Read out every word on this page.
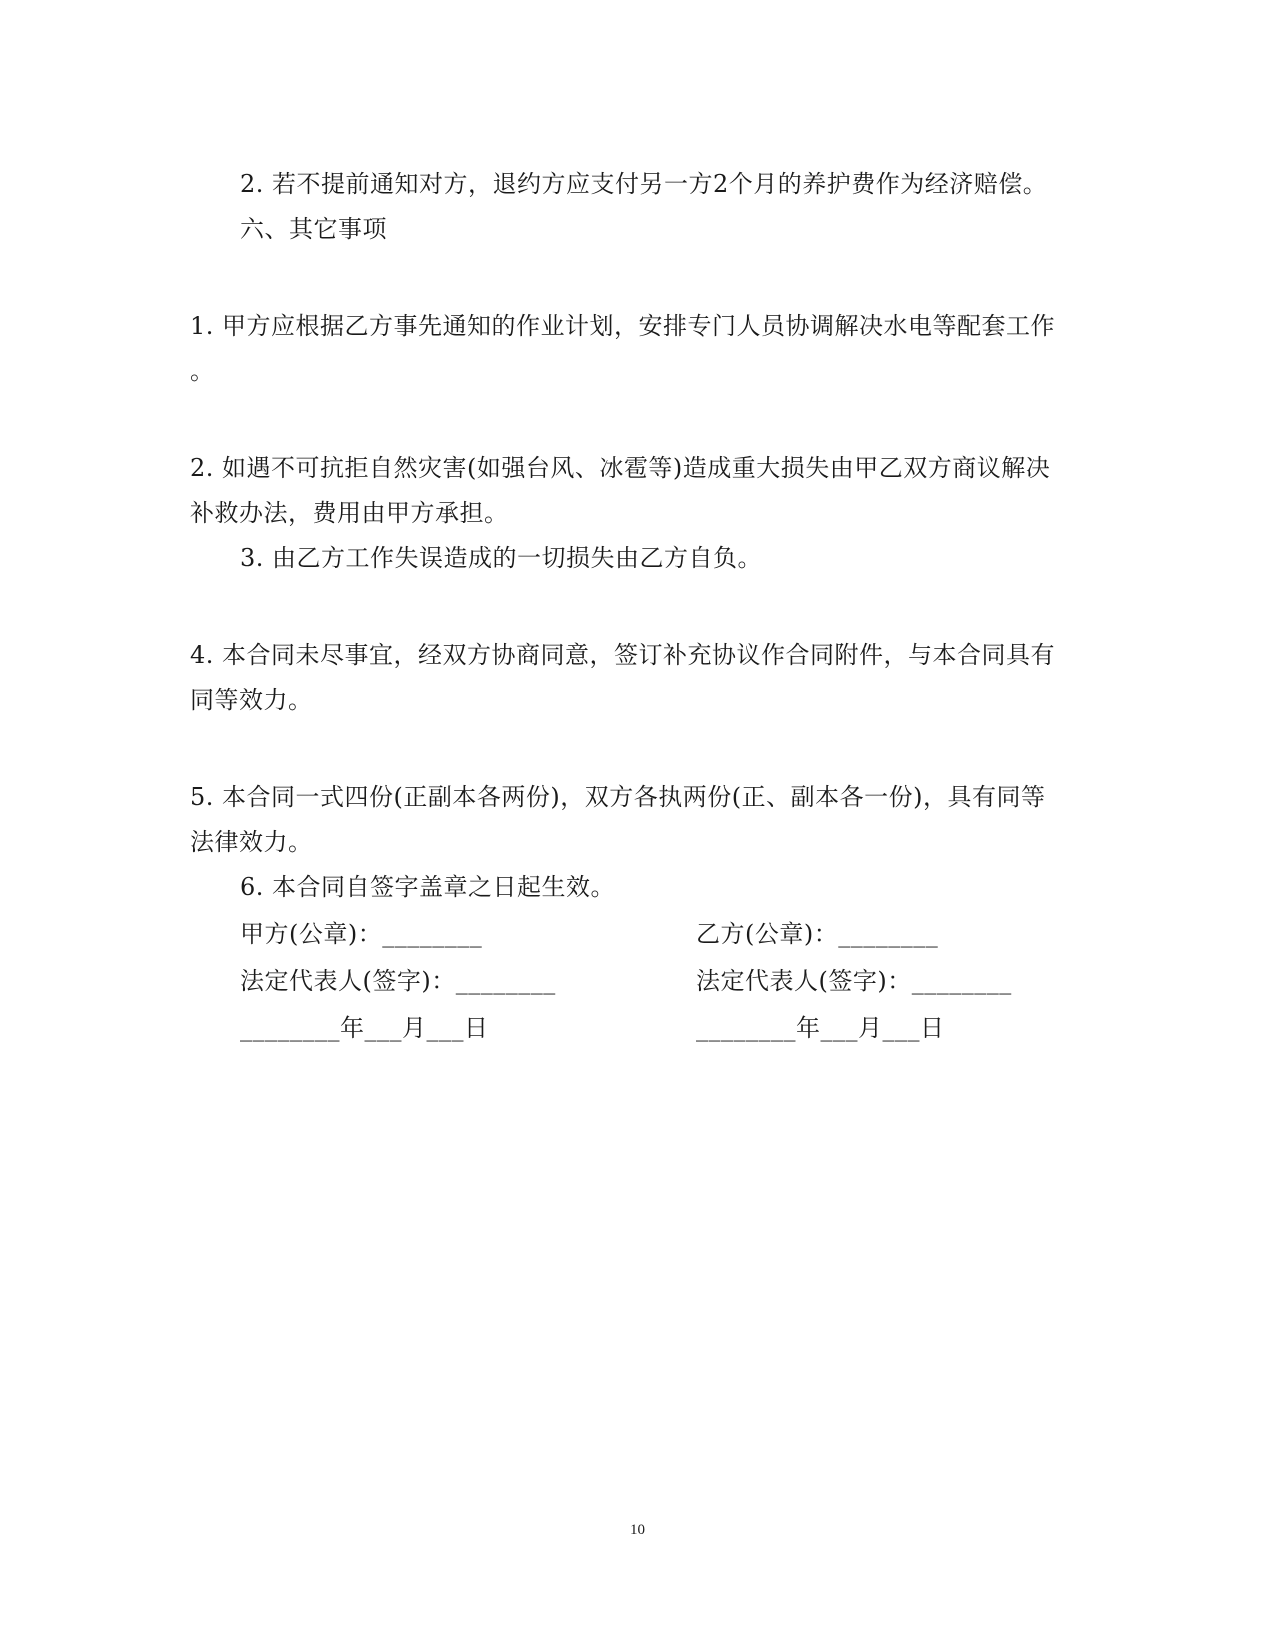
2. 若不提前通知对方，退约方应支付另一方2个月的养护费作为经济赔偿。
六、其它事项
1. 甲方应根据乙方事先通知的作业计划，安排专门人员协调解决水电等配套工作
。
2. 如遇不可抗拒自然灾害(如强台风、冰雹等)造成重大损失由甲乙双方商议解决
补救办法，费用由甲方承担。
3. 由乙方工作失误造成的一切损失由乙方自负。
4. 本合同未尽事宜，经双方协商同意，签订补充协议作合同附件，与本合同具有
同等效力。
5. 本合同一式四份(正副本各两份)，双方各执两份(正、副本各一份)，具有同等
法律效力。
6. 本合同自签字盖章之日起生效。
甲方(公章)：________	乙方(公章)：________
法定代表人(签字)：________	法定代表人(签字)：________
________年___月___日	________年___月___日
10
